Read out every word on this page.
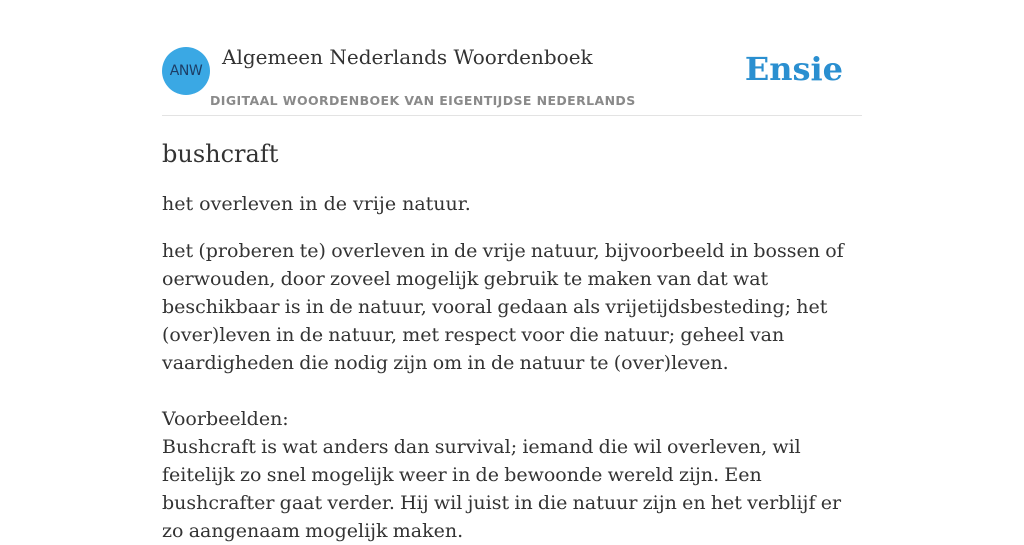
ANW
Algemeen Nederlands Woordenboek
DIGITAAL WOORDENBOEK VAN EIGENTIJDSE NEDERLANDS
Ensie
bushcraft

het overleven in de vrije natuur.

het (proberen te) overleven in de vrije natuur, bijvoorbeeld in bossen of oerwouden, door zoveel mogelijk gebruik te maken van dat wat beschikbaar is in de natuur, vooral gedaan als vrijetijdsbesteding; het (over)leven in de natuur, met respect voor die natuur; geheel van vaardigheden die nodig zijn om in de natuur te (over)leven.

Voorbeelden:

Bushcraft is wat anders dan survival; iemand die wil overleven, wil feitelijk zo snel mogelijk weer in de bewoonde wereld zijn. Een bushcrafter gaat verder. Hij wil juist in die natuur zijn en het verblijf er zo aangenaam mogelijk maken.
